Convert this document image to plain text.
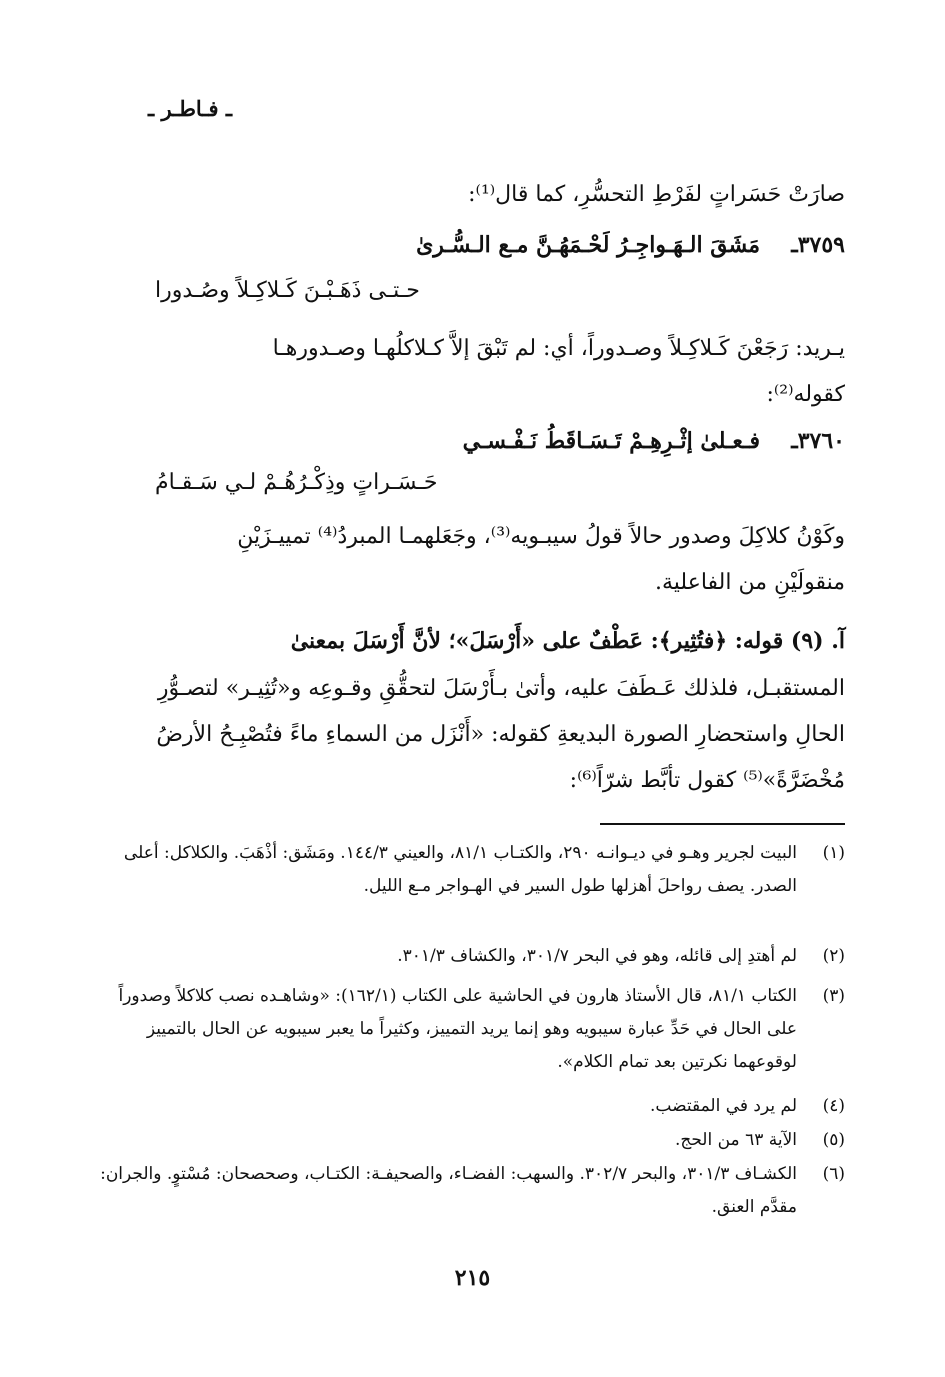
ـ فـاطـر ـ
صارَتْ حَسَراتٍ لفَرْطِ التحسُّرِ، كما قال⁽¹⁾:
٣٧٥٩ـ
مَشَقَ الـهَـواجِـرُ لَحْـمَهُـنَّ مـع الـسُّـرىٰ
حـتـى ذَهَـبْـنَ كَـلاكِـلاً وصُـدورا
يـريد: رَجَعْنَ كَـلاكِـلاً وصـدوراً، أي: لم تَبْقَ إلاَّ كـلاكلُهـا وصـدورهـا
كقوله⁽²⁾:
٣٧٦٠ـ
فـعـلىٰ إثْـرِهِـمْ تَـسَـاقَطُ نَـفْـسـي
حَـسَـراتٍ وذِكْـرُهُـمْ لـي سَـقـامُ
وكَوْنُ كلاكِلَ وصدور حالاً قولُ سيبـويه⁽³⁾، وجَعَلهمـا المبردُ⁽⁴⁾ تمييـزَيْنِ
منقولَيْنِ من الفاعلية.
آ. (٩) قوله: ﴿فتُثِير﴾: عَطْفٌ على «أَرْسَلَ»؛ لأنَّ أَرْسَلَ بمعنىٰ
المستقبـل، فلذلك عَـطَفَ عليه، وأتىٰ بـأَرْسَلَ لتحقُّقِ وقـوعِه و«تُثِيـر» لتصـوُّرِ
الحالِ واستحضارِ الصورة البديعةِ كقوله: «أَنْزَل من السماءِ ماءً فتُصْبِـحُ الأرضُ
مُخْضَرَّةً»⁽⁵⁾ كقول تأبَّط شرّاً⁽⁶⁾:
(١)
البيت لجرير وهـو في ديـوانـه ٢٩٠، والكتـاب ٨١/١، والعيني ١٤٤/٣. ومَشَق: أذْهَبَ. والكلاكل: أعلى الصدر. يصف رواحلَ أهزلها طول السير في الهـواجر مـع الليل.
(٢)
لم أهتدِ إلى قائله، وهو في البحر ٣٠١/٧، والكشاف ٣٠١/٣.
(٣)
الكتاب ٨١/١، قال الأستاذ هارون في الحاشية على الكتاب (١٦٢/١): «وشاهـده نصب كلاكلاً وصدوراً على الحال في حَدِّ عبارة سيبويه وهو إنما يريد التمييز، وكثيراً ما يعبر سيبويه عن الحال بالتمييز لوقوعهما نكرتين بعد تمام الكلام».
(٤)
لم يرد في المقتضب.
(٥)
الآية ٦٣ من الحج.
(٦)
الكشـاف ٣٠١/٣، والبحر ٣٠٢/٧. والسهب: الفضـاء، والصحيفـة: الكتـاب، وصحصحان: مُسْتوٍ. والجران: مقدَّم العنق.
٢١٥
